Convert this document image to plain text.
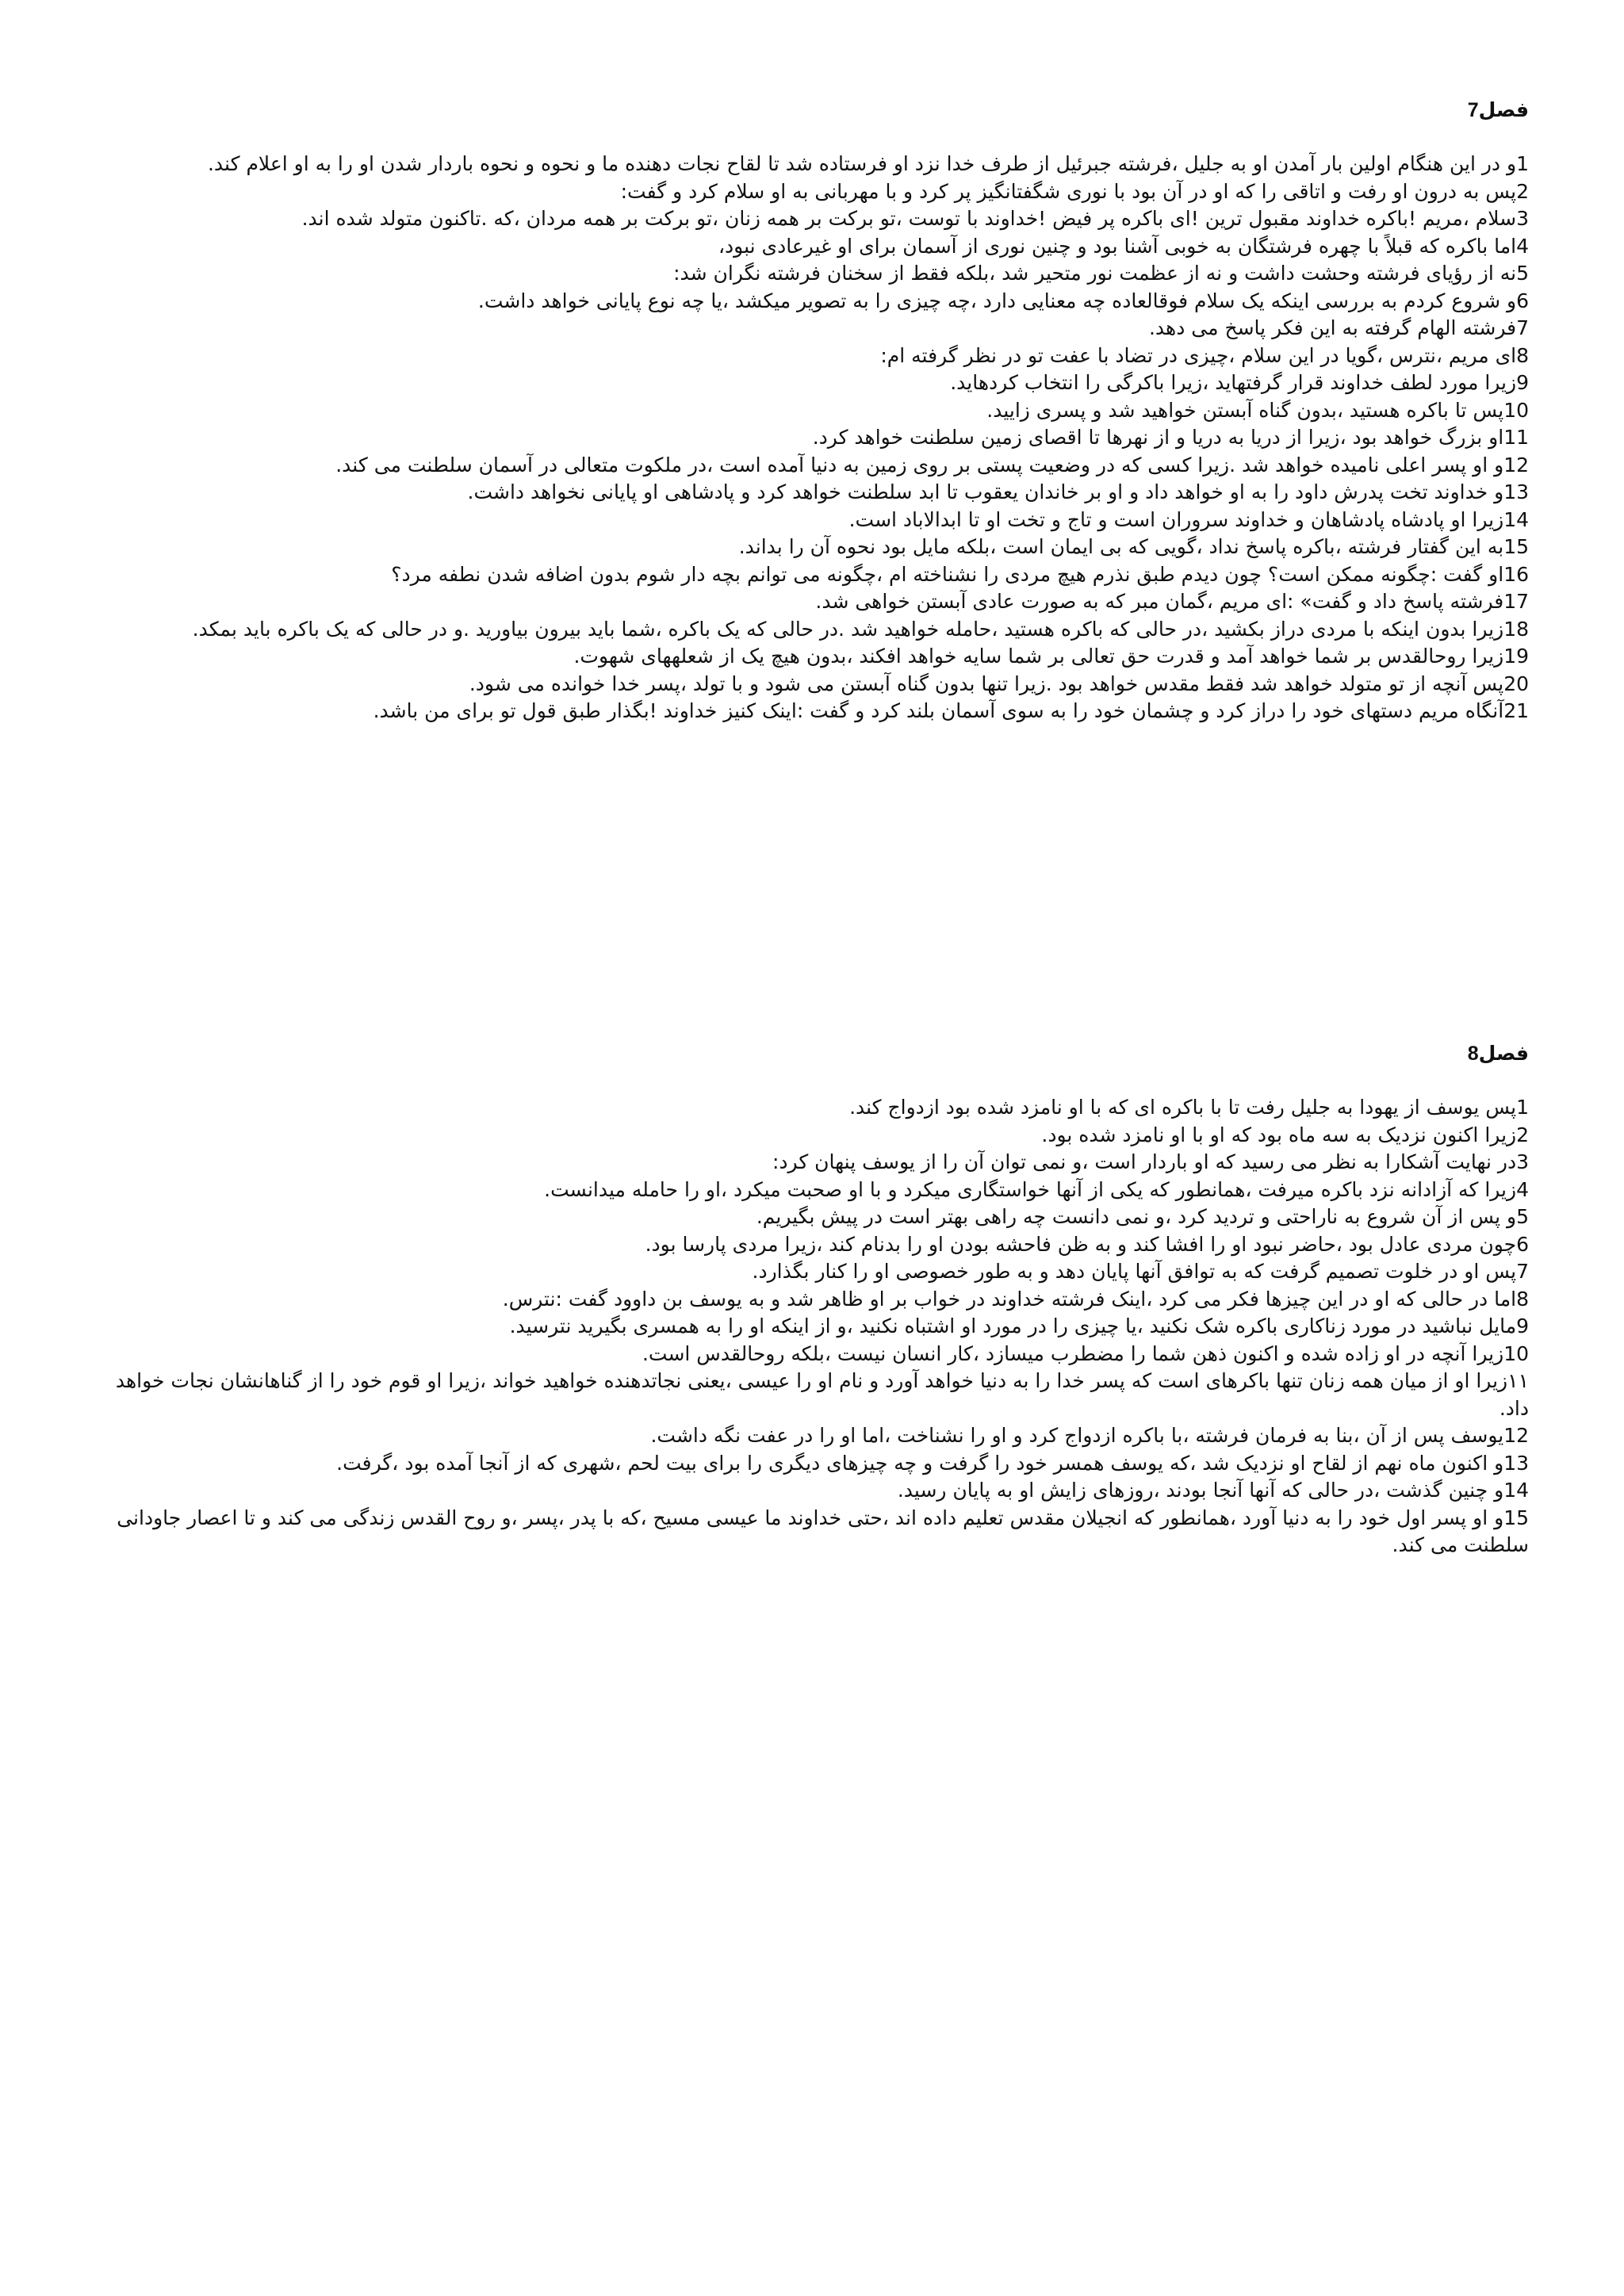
فصل7

1و در این هنگام اولین بار آمدن او به جلیل ،فرشته جبرئیل از طرف خدا نزد او فرستاده شد تا لقاح نجات دهنده ما و نحوه و نحوه باردار شدن او را به او اعلام کند.

2پس به درون او رفت و اتاقی را که او در آن بود با نوری شگفتانگیز پر کرد و با مهربانی به او سلام کرد و گفت:

3سلام ،مریم !باکره خداوند مقبول ترین !ای باکره پر فیض !خداوند با توست ،تو برکت بر همه زنان ،تو برکت بر همه مردان ،که .تاکنون متولد شده اند.

4اما باکره که قبلاً با چهره فرشتگان به خوبی آشنا بود و چنین نوری از آسمان برای او غیرعادی نبود،

5نه از رؤیای فرشته وحشت داشت و نه از عظمت نور متحیر شد ،بلکه فقط از سخنان فرشته نگران شد:

6و شروع کردم به بررسی اینکه یک سلام فوقالعاده چه معنایی دارد ،چه چیزی را به تصویر میکشد ،یا چه نوع پایانی خواهد داشت.

7فرشته الهام گرفته به این فکر پاسخ می دهد.

8ای مریم ،نترس ،گویا در این سلام ،چیزی در تضاد با عفت تو در نظر گرفته ام:

9زیرا مورد لطف خداوند قرار گرفتهاید ،زیرا باکرگی را انتخاب کردهاید.

10پس تا باکره هستید ،بدون گناه آبستن خواهید شد و پسری زایید.

11او بزرگ خواهد بود ،زیرا از دریا به دریا و از نهرها تا اقصای زمین سلطنت خواهد کرد.

12و او پسر اعلی نامیده خواهد شد .زیرا کسی که در وضعیت پستی بر روی زمین به دنیا آمده است ،در ملکوت متعالی در آسمان سلطنت می کند.

13و خداوند تخت پدرش داود را به او خواهد داد و او بر خاندان یعقوب تا ابد سلطنت خواهد کرد و پادشاهی او پایانی نخواهد داشت.

14زیرا او پادشاه پادشاهان و خداوند سروران است و تاج و تخت او تا ابدالاباد است.

15به این گفتار فرشته ،باکره پاسخ نداد ،گویی که بی ایمان است ،بلکه مایل بود نحوه آن را بداند.

16او گفت :چگونه ممکن است؟ چون دیدم طبق نذرم هیچ مردی را نشناخته ام ،چگونه می توانم بچه دار شوم بدون اضافه شدن نطفه مرد؟

17فرشته پاسخ داد و گفت» :ای مریم ،گمان مبر که به صورت عادی آبستن خواهی شد.

18زیرا بدون اینکه با مردی دراز بکشید ،در حالی که باکره هستید ،حامله خواهید شد .در حالی که یک باکره ،شما باید بیرون بیاورید .و در حالی که یک باکره باید بمکد.

19زیرا روحالقدس بر شما خواهد آمد و قدرت حق تعالی بر شما سایه خواهد افکند ،بدون هیچ یک از شعلههای شهوت.

20پس آنچه از تو متولد خواهد شد فقط مقدس خواهد بود .زیرا تنها بدون گناه آبستن می شود و با تولد ،پسر خدا خوانده می شود.

21آنگاه مریم دستهای خود را دراز کرد و چشمان خود را به سوی آسمان بلند کرد و گفت :اینک کنیز خداوند !بگذار طبق قول تو برای من باشد.

فصل8

1پس یوسف از یهودا به جلیل رفت تا با باکره ای که با او نامزد شده بود ازدواج کند.

2زیرا اکنون نزدیک به سه ماه بود که او با او نامزد شده بود.

3در نهایت آشکارا به نظر می رسید که او باردار است ،و نمی توان آن را از یوسف پنهان کرد:

4زیرا که آزادانه نزد باکره میرفت ،همانطور که یکی از آنها خواستگاری میکرد و با او صحبت میکرد ،او را حامله میدانست.

5و پس از آن شروع به ناراحتی و تردید کرد ،و نمی دانست چه راهی بهتر است در پیش بگیریم.

6چون مردی عادل بود ،حاضر نبود او را افشا کند و به ظن فاحشه بودن او را بدنام کند ،زیرا مردی پارسا بود.

7پس او در خلوت تصمیم گرفت که به توافق آنها پایان دهد و به طور خصوصی او را کنار بگذارد.

8اما در حالی که او در این چیزها فکر می کرد ،اینک فرشته خداوند در خواب بر او ظاهر شد و به یوسف بن داوود گفت :نترس.

9مایل نباشید در مورد زناکاری باکره شک نکنید ،یا چیزی را در مورد او اشتباه نکنید ،و از اینکه او را به همسری بگیرید نترسید.

10زیرا آنچه در او زاده شده و اکنون ذهن شما را مضطرب میسازد ،کار انسان نیست ،بلکه روحالقدس است.

١١زیرا او از میان همه زنان تنها باکرهای است که پسر خدا را به دنیا خواهد آورد و نام او را عیسی ،یعنی نجاتدهنده خواهید خواند ،زیرا او قوم خود را از گناهانشان نجات خواهد داد.

12یوسف پس از آن ،بنا به فرمان فرشته ،با باکره ازدواج کرد و او را نشناخت ،اما او را در عفت نگه داشت.

13و اکنون ماه نهم از لقاح او نزدیک شد ،که یوسف همسر خود را گرفت و چه چیزهای دیگری را برای بیت لحم ،شهری که از آنجا آمده بود ،گرفت.

14و چنین گذشت ،در حالی که آنها آنجا بودند ،روزهای زایش او به پایان رسید.

15و او پسر اول خود را به دنیا آورد ،همانطور که انجیلان مقدس تعلیم داده اند ،حتی خداوند ما عیسی مسیح ،که با پدر ،پسر ،و روح القدس زندگی می کند و تا اعصار جاودانی سلطنت می کند.
